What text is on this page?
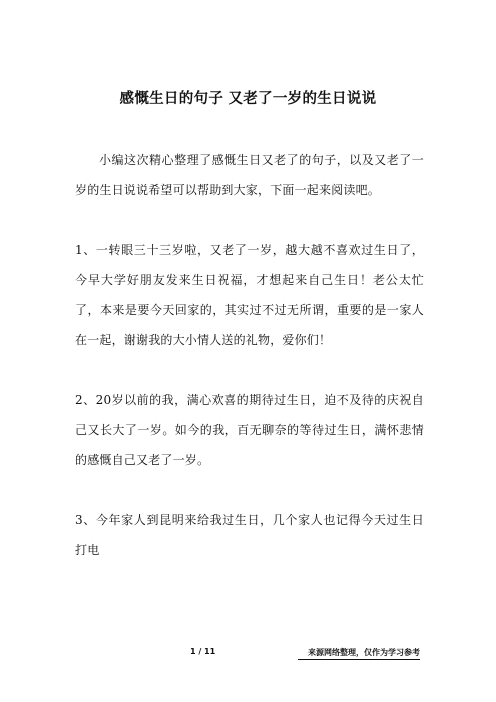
感慨生日的句子 又老了一岁的生日说说

小编这次精心整理了感慨生日又老了的句子，以及又老了一岁的生日说说希望可以帮助到大家，下面一起来阅读吧。

1、一转眼三十三岁啦，又老了一岁，越大越不喜欢过生日了，今早大学好朋友发来生日祝福，才想起来自己生日！老公太忙了，本来是要今天回家的，其实过不过无所谓，重要的是一家人在一起，谢谢我的大小情人送的礼物，爱你们！

2、20岁以前的我，满心欢喜的期待过生日，迫不及待的庆祝自己又长大了一岁。如今的我，百无聊奈的等待过生日，满怀悲情的感慨自己又老了一岁。

3、今年家人到昆明来给我过生日，几个家人也记得今天过生日打电

1 / 11	来源网络整理，仅作为学习参考
